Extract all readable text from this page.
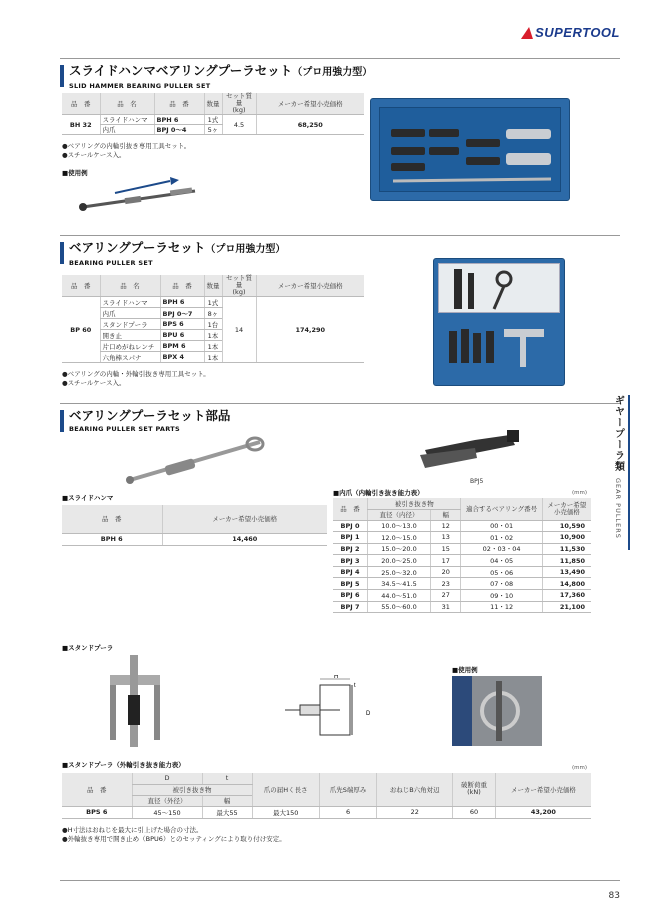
SUPERTOOL
スライドハンマベアリングプーラセット（プロ用強力型）
SLID HAMMER BEARING PULLER SET
品　番	品　名	品　番	数量	セット質量
(kg)	メーカー希望小売価格
BH 32	スライドハンマ	BPH 6	1式	4.5	68,250
	内爪	BPJ 0〜4	5ヶ		
●ベアリングの内輪引抜き専用工具セット。
●スチールケース入。
■使用例
ベアリングプーラセット（プロ用強力型）
BEARING PULLER SET
品　番	品　名	品　番	数量	セット質量
(kg)	メーカー希望小売価格
BP 60	スライドハンマ	BPH 6	1式	14	174,290
	内爪	BPJ 0〜7	8ヶ		
	スタンドプーラ	BPS 6	1台		
	開き止	BPU 6	1本		
	片口めがねレンチ	BPM 6	1本		
	六角棒スパナ	BPX 4	1本		
●ベアリングの内輪・外輪引抜き専用工具セット。
●スチールケース入。
ベアリングプーラセット部品
BEARING PULLER SET PARTS
BPJ5
■スライドハンマ
品　番	メーカー希望小売価格
BPH 6	14,460
■内爪（内輪引き抜き能力表）	(mm)
品　番	被引き抜き物		適合するベアリング番号	メーカー希望
小売価格
	直径（内径）	幅		
BPJ 0	10.0〜13.0	12	00・01	10,590
BPJ 1	12.0〜15.0	13	01・02	10,900
BPJ 2	15.0〜20.0	15	02・03・04	11,530
BPJ 3	20.0〜25.0	17	04・05	11,850
BPJ 4	25.0〜32.0	20	05・06	13,490
BPJ 5	34.5〜41.5	23	07・08	14,800
BPJ 6	44.0〜51.0	27	09・10	17,360
BPJ 7	55.0〜60.0	31	11・12	21,100
■スタンドプーラ
H
D
t
■使用例
■スタンドプーラ（外輪引き抜き能力表）	(mm)
品　番	D	t	爪の届Hく長さ	爪先S端厚み	おねじB六角対辺	破断荷重
(kN)	メーカー希望小売価格
	被引き抜き物						
	直径（外径）	幅					
BPS 6	45〜150	最大55	最大150	6	22	60	43,200
●H寸法はおねじを最大に引上げた場合の寸法。
●外輪抜き専用で開き止め（BPU6）とのセッティングにより取り付け安定。
ギヤープーラ類
GEAR PULLERS
83
